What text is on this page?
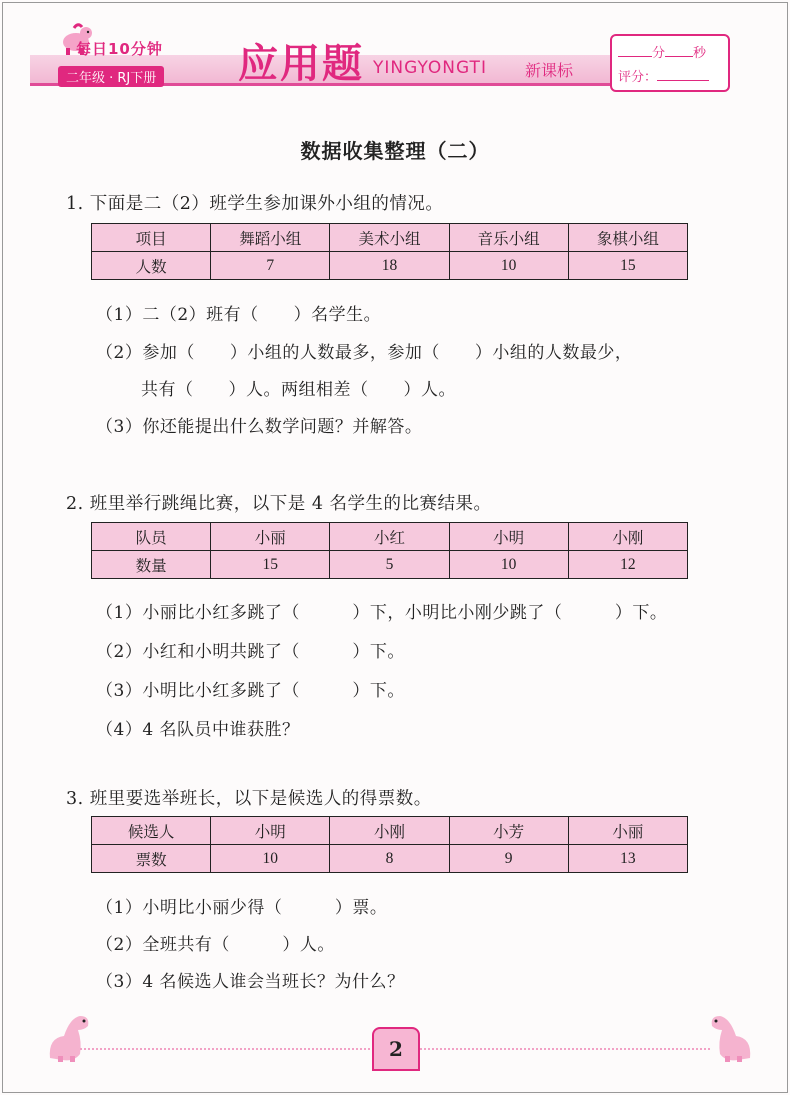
每日10分钟
二年级 · RJ下册 应用题 YINGYONGTI 新课标
分 秒
评分：
数据收集整理（二）
1. 下面是二（2）班学生参加课外小组的情况。
项目	舞蹈小组	美术小组	音乐小组	象棋小组
人数	7	18	10	15
（1）二（2）班有（　　）名学生。
（2）参加（　　）小组的人数最多，参加（　　）小组的人数最少，
共有（　　）人。两组相差（　　）人。
（3）你还能提出什么数学问题？并解答。
2. 班里举行跳绳比赛，以下是 4 名学生的比赛结果。
队员	小丽	小红	小明	小刚
数量	15	5	10	12
（1）小丽比小红多跳了（　　　）下，小明比小刚少跳了（　　　）下。
（2）小红和小明共跳了（　　　）下。
（3）小明比小红多跳了（　　　）下。
（4）4 名队员中谁获胜？
3. 班里要选举班长，以下是候选人的得票数。
候选人	小明	小刚	小芳	小丽
票数	10	8	9	13
（1）小明比小丽少得（　　　）票。
（2）全班共有（　　　）人。
（3）4 名候选人谁会当班长？为什么？
2
